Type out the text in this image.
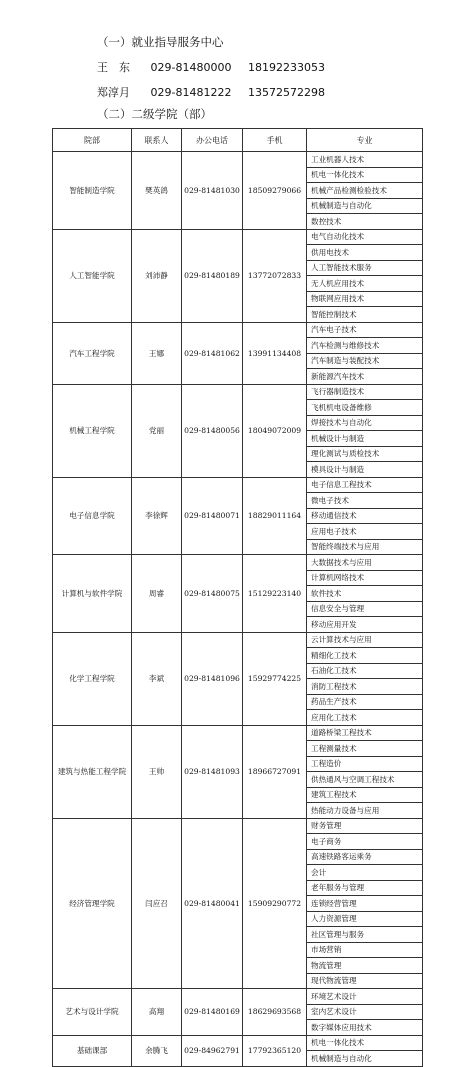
（一）就业指导服务中心
王　东 029-81480000 18192233053
郑淳月 029-81481222 13572572298
（二）二级学院（部）
院部	联系人	办公电话	手机	专业
智能制造学院	樊英鸽	029-81481030	18509279066	工业机器人技术
				机电一体化技术
				机械产品检测检验技术
				机械制造与自动化
				数控技术
人工智能学院	刘沛静	029-81480189	13772072833	电气自动化技术
				供用电技术
				人工智能技术服务
				无人机应用技术
				物联网应用技术
				智能控制技术
汽车工程学院	王娜	029-81481062	13991134408	汽车电子技术
				汽车检测与维修技术
				汽车制造与装配技术
				新能源汽车技术
机械工程学院	党丽	029-81480056	18049072009	飞行器制造技术
				飞机机电设备维修
				焊接技术与自动化
				机械设计与制造
				理化测试与质检技术
				模具设计与制造
电子信息学院	李徐辉	029-81480071	18829011164	电子信息工程技术
				微电子技术
				移动通信技术
				应用电子技术
				智能终端技术与应用
计算机与软件学院	周睿	029-81480075	15129223140	大数据技术与应用
				计算机网络技术
				软件技术
				信息安全与管理
				移动应用开发
化学工程学院	李斌	029-81481096	15929774225	云计算技术与应用
				精细化工技术
				石油化工技术
				消防工程技术
				药品生产技术
				应用化工技术
建筑与热能工程学院	王帅	029-81481093	18966727091	道路桥梁工程技术
				工程测量技术
				工程造价
				供热通风与空调工程技术
				建筑工程技术
				热能动力设备与应用
经济管理学院	闫应召	029-81480041	15909290772	财务管理
				电子商务
				高速铁路客运乘务
				会计
				老年服务与管理
				连锁经营管理
				人力资源管理
				社区管理与服务
				市场营销
				物流管理
				现代物流管理
艺术与设计学院	高翔	029-81480169	18629693568	环境艺术设计
				室内艺术设计
				数字媒体应用技术
基础课部	余腾飞	029-84962791	17792365120	机电一体化技术
				机械制造与自动化
